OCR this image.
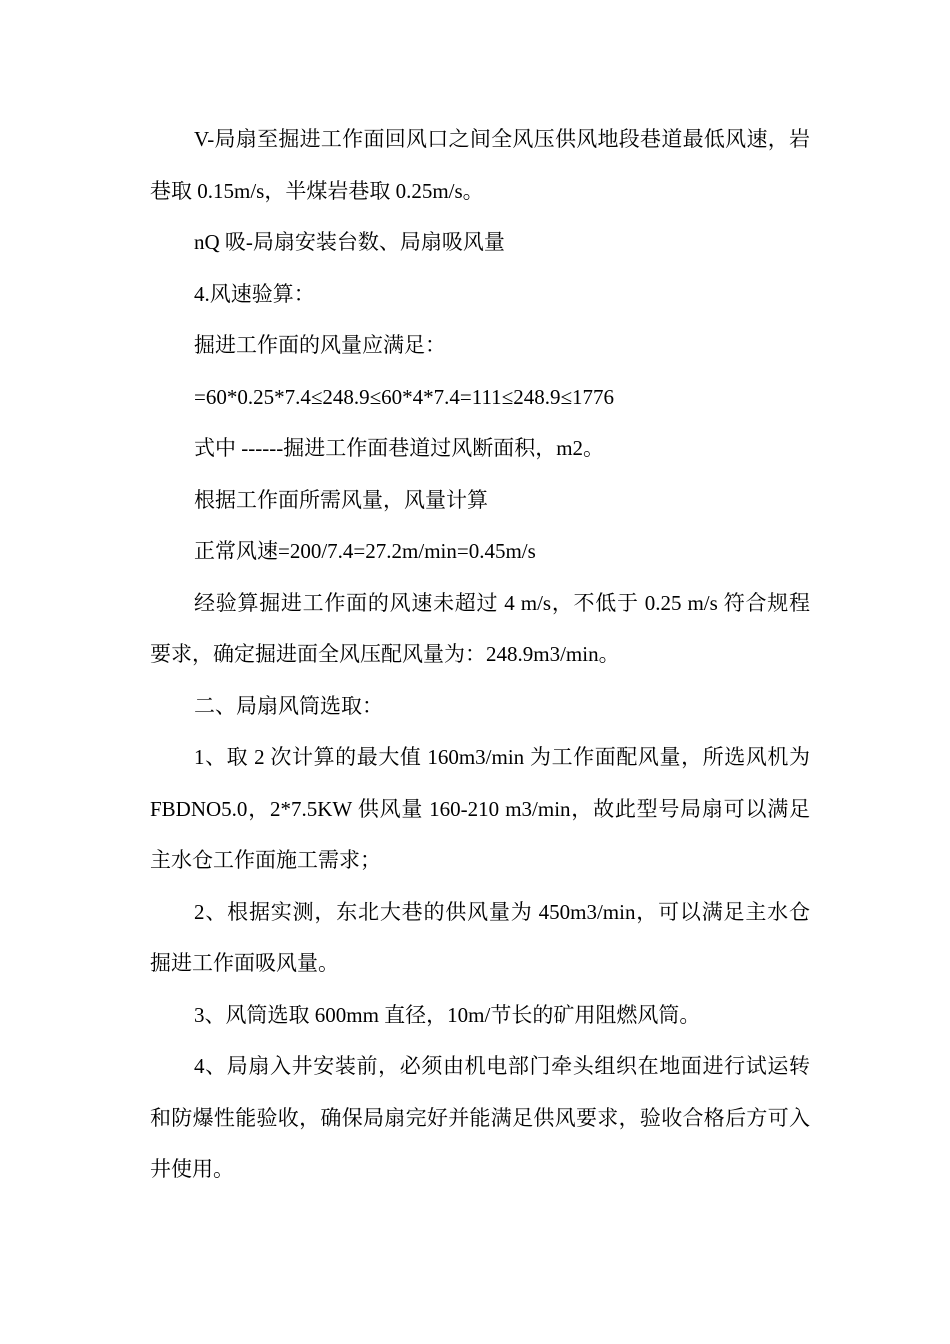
V-局扇至掘进工作面回风口之间全风压供风地段巷道最低风速，岩巷取 0.15m/s，半煤岩巷取 0.25m/s。

nQ 吸-局扇安装台数、局扇吸风量

4.风速验算：

掘进工作面的风量应满足：

=60*0.25*7.4≤248.9≤60*4*7.4=111≤248.9≤1776

式中 ------掘进工作面巷道过风断面积，m2。

根据工作面所需风量，风量计算

正常风速=200/7.4=27.2m/min=0.45m/s

经验算掘进工作面的风速未超过 4 m/s，不低于 0.25 m/s 符合规程要求，确定掘进面全风压配风量为：248.9m3/min。

二、局扇风筒选取：

1、取 2 次计算的最大值 160m3/min 为工作面配风量，所选风机为 FBDNO5.0，2*7.5KW 供风量 160-210 m3/min，故此型号局扇可以满足主水仓工作面施工需求；

2、根据实测，东北大巷的供风量为 450m3/min，可以满足主水仓掘进工作面吸风量。

3、风筒选取 600mm 直径，10m/节长的矿用阻燃风筒。

4、局扇入井安装前，必须由机电部门牵头组织在地面进行试运转和防爆性能验收，确保局扇完好并能满足供风要求，验收合格后方可入井使用。
